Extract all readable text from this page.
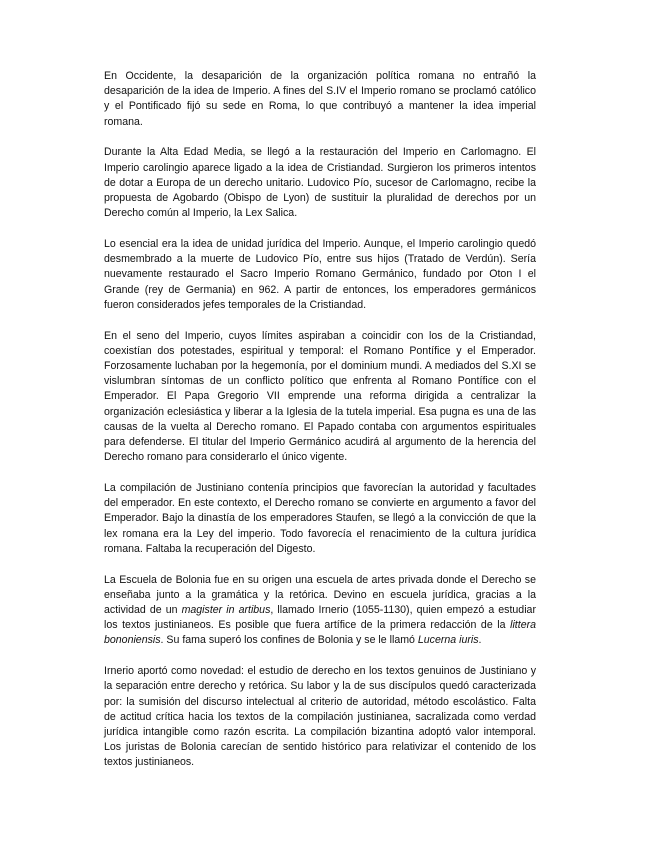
En Occidente, la desaparición de la organización política romana no entrañó la desaparición de la idea de Imperio. A fines del S.IV el Imperio romano se proclamó católico y el Pontificado fijó su sede en Roma, lo que contribuyó a mantener la idea imperial romana.

Durante la Alta Edad Media, se llegó a la restauración del Imperio en Carlomagno. El Imperio carolingio aparece ligado a la idea de Cristiandad. Surgieron los primeros intentos de dotar a Europa de un derecho unitario. Ludovico Pío, sucesor de Carlomagno, recibe la propuesta de Agobardo (Obispo de Lyon) de sustituir la pluralidad de derechos por un Derecho común al Imperio, la Lex Salica.

Lo esencial era la idea de unidad jurídica del Imperio. Aunque, el Imperio carolingio quedó desmembrado a la muerte de Ludovico Pío, entre sus hijos (Tratado de Verdún). Sería nuevamente restaurado el Sacro Imperio Romano Germánico, fundado por Oton I el Grande (rey de Germania) en 962. A partir de entonces, los emperadores germánicos fueron considerados jefes temporales de la Cristiandad.

En el seno del Imperio, cuyos límites aspiraban a coincidir con los de la Cristiandad, coexistían dos potestades, espiritual y temporal: el Romano Pontífice y el Emperador. Forzosamente luchaban por la hegemonía, por el dominium mundi. A mediados del S.XI se vislumbran síntomas de un conflicto político que enfrenta al Romano Pontífice con el Emperador. El Papa Gregorio VII emprende una reforma dirigida a centralizar la organización eclesiástica y liberar a la Iglesia de la tutela imperial. Esa pugna es una de las causas de la vuelta al Derecho romano. El Papado contaba con argumentos espirituales para defenderse. El titular del Imperio Germánico acudirá al argumento de la herencia del Derecho romano para considerarlo el único vigente.

La compilación de Justiniano contenía principios que favorecían la autoridad y facultades del emperador. En este contexto, el Derecho romano se convierte en argumento a favor del Emperador. Bajo la dinastía de los emperadores Staufen, se llegó a la convicción de que la lex romana era la Ley del imperio. Todo favorecía el renacimiento de la cultura jurídica romana. Faltaba la recuperación del Digesto.

La Escuela de Bolonia fue en su origen una escuela de artes privada donde el Derecho se enseñaba junto a la gramática y la retórica. Devino en escuela jurídica, gracias a la actividad de un magister in artibus, llamado Irnerio (1055-1130), quien empezó a estudiar los textos justinianeos. Es posible que fuera artífice de la primera redacción de la littera bononiensis. Su fama superó los confines de Bolonia y se le llamó Lucerna iuris.

Irnerio aportó como novedad: el estudio de derecho en los textos genuinos de Justiniano y la separación entre derecho y retórica. Su labor y la de sus discípulos quedó caracterizada por: la sumisión del discurso intelectual al criterio de autoridad, método escolástico. Falta de actitud crítica hacia los textos de la compilación justinianea, sacralizada como verdad jurídica intangible como razón escrita. La compilación bizantina adoptó valor intemporal. Los juristas de Bolonia carecían de sentido histórico para relativizar el contenido de los textos justinianeos.
